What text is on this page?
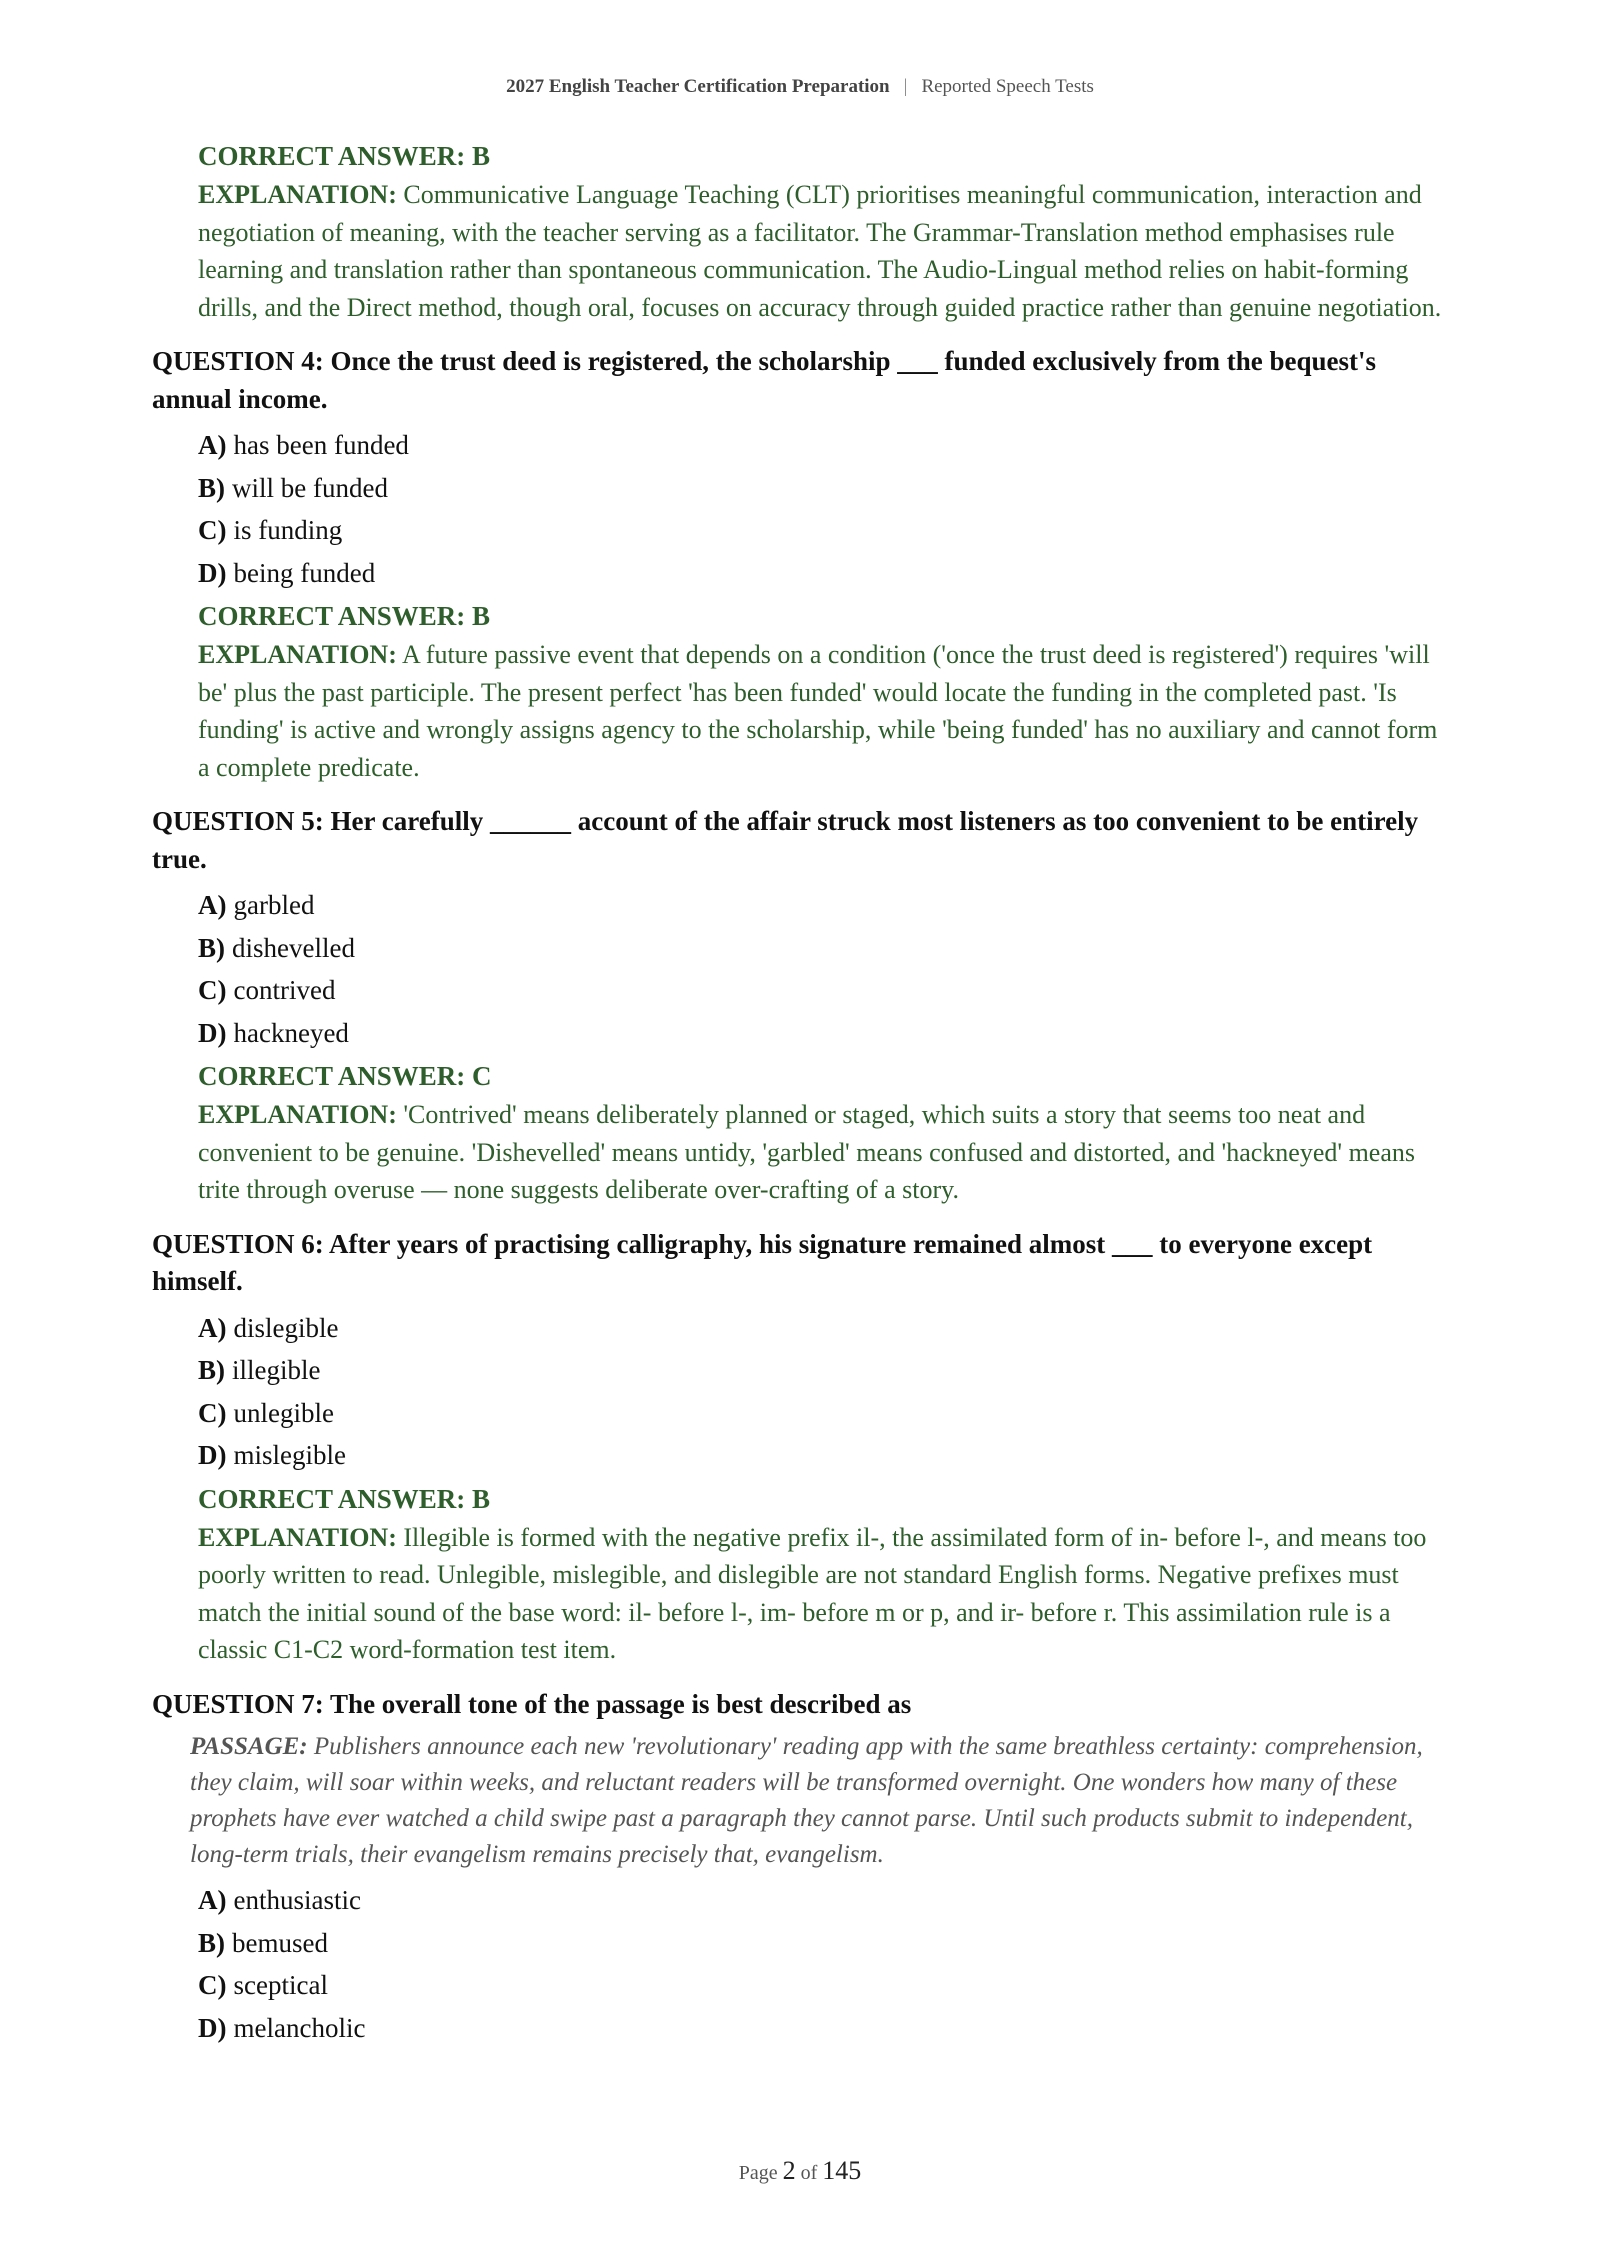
2027 English Teacher Certification Preparation | Reported Speech Tests
CORRECT ANSWER: B
EXPLANATION: Communicative Language Teaching (CLT) prioritises meaningful communication, interaction and negotiation of meaning, with the teacher serving as a facilitator. The Grammar-Translation method emphasises rule learning and translation rather than spontaneous communication. The Audio-Lingual method relies on habit-forming drills, and the Direct method, though oral, focuses on accuracy through guided practice rather than genuine negotiation.
QUESTION 4: Once the trust deed is registered, the scholarship ___ funded exclusively from the bequest's annual income.
A) has been funded
B) will be funded
C) is funding
D) being funded
CORRECT ANSWER: B
EXPLANATION: A future passive event that depends on a condition ('once the trust deed is registered') requires 'will be' plus the past participle. The present perfect 'has been funded' would locate the funding in the completed past. 'Is funding' is active and wrongly assigns agency to the scholarship, while 'being funded' has no auxiliary and cannot form a complete predicate.
QUESTION 5: Her carefully ______ account of the affair struck most listeners as too convenient to be entirely true.
A) garbled
B) dishevelled
C) contrived
D) hackneyed
CORRECT ANSWER: C
EXPLANATION: 'Contrived' means deliberately planned or staged, which suits a story that seems too neat and convenient to be genuine. 'Dishevelled' means untidy, 'garbled' means confused and distorted, and 'hackneyed' means trite through overuse — none suggests deliberate over-crafting of a story.
QUESTION 6: After years of practising calligraphy, his signature remained almost ___ to everyone except himself.
A) dislegible
B) illegible
C) unlegible
D) mislegible
CORRECT ANSWER: B
EXPLANATION: Illegible is formed with the negative prefix il-, the assimilated form of in- before l-, and means too poorly written to read. Unlegible, mislegible, and dislegible are not standard English forms. Negative prefixes must match the initial sound of the base word: il- before l-, im- before m or p, and ir- before r. This assimilation rule is a classic C1-C2 word-formation test item.
QUESTION 7: The overall tone of the passage is best described as
PASSAGE: Publishers announce each new 'revolutionary' reading app with the same breathless certainty: comprehension, they claim, will soar within weeks, and reluctant readers will be transformed overnight. One wonders how many of these prophets have ever watched a child swipe past a paragraph they cannot parse. Until such products submit to independent, long-term trials, their evangelism remains precisely that, evangelism.
A) enthusiastic
B) bemused
C) sceptical
D) melancholic
Page 2 of 145
